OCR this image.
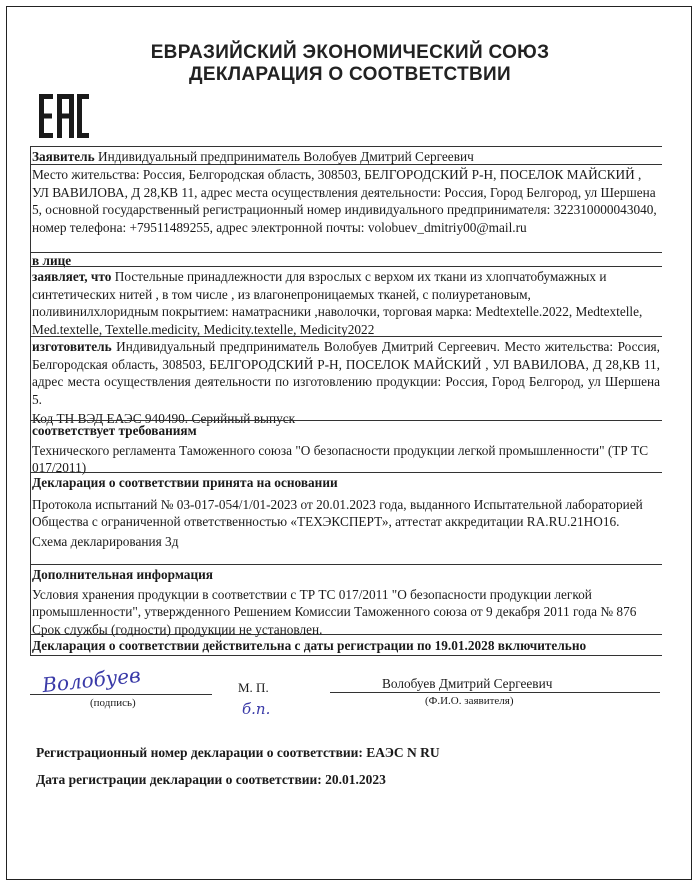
ЕВРАЗИЙСКИЙ ЭКОНОМИЧЕСКИЙ СОЮЗ
ДЕКЛАРАЦИЯ О СООТВЕТСТВИИ
Заявитель Индивидуальный предприниматель Волобуев Дмитрий Сергеевич
Место жительства: Россия, Белгородская область, 308503, БЕЛГОРОДСКИЙ Р-Н, ПОСЕЛОК МАЙСКИЙ , УЛ ВАВИЛОВА, Д 28,КВ 11, адрес места осуществления деятельности: Россия, Город Белгород, ул Шершена 5, основной государственный регистрационный номер индивидуального предпринимателя: 322310000043040, номер телефона: +79511489255, адрес электронной почты: volobuev_dmitriy00@mail.ru
в лице
заявляет, что Постельные принадлежности для взрослых с верхом их ткани из хлопчатобумажных и синтетических нитей , в том числе , из влагонепроницаемых тканей, с полиуретановым, поливинилхлоридным покрытием: наматрасники ,наволочки, торговая марка: Medtextelle.2022, Medtextelle, Med.textelle, Textelle.medicity, Medicity.textelle, Medicity2022
изготовитель Индивидуальный предприниматель Волобуев Дмитрий Сергеевич. Место жительства: Россия, Белгородская область, 308503, БЕЛГОРОДСКИЙ Р-Н, ПОСЕЛОК МАЙСКИЙ , УЛ ВАВИЛОВА, Д 28,КВ 11, адрес места осуществления деятельности по изготовлению продукции: Россия, Город Белгород, ул Шершена 5.
Код ТН ВЭД ЕАЭС 940490. Серийный выпуск
соответствует требованиям
Технического регламента Таможенного союза "О безопасности продукции легкой промышленности" (ТР ТС 017/2011)
Декларация о соответствии принята на основании
Протокола испытаний № 03-017-054/1/01-2023 от 20.01.2023 года, выданного Испытательной лабораторией Общества с ограниченной ответственностью «ТЕХЭКСПЕРТ», аттестат аккредитации RA.RU.21НО16.
Схема декларирования 3д
Дополнительная информация
Условия хранения продукции в соответствии с ТР ТС 017/2011 "О безопасности продукции легкой промышленности", утвержденного Решением Комиссии Таможенного союза от 9 декабря 2011 года № 876 Срок службы (годности) продукции не установлен.
Декларация о соответствии действительна с даты регистрации по 19.01.2028 включительно
Волобуев
(подпись)
М. П.
б.п.
Волобуев Дмитрий Сергеевич
(Ф.И.О. заявителя)
Регистрационный номер декларации о соответствии: ЕАЭС N RU
Дата регистрации декларации о соответствии: 20.01.2023
